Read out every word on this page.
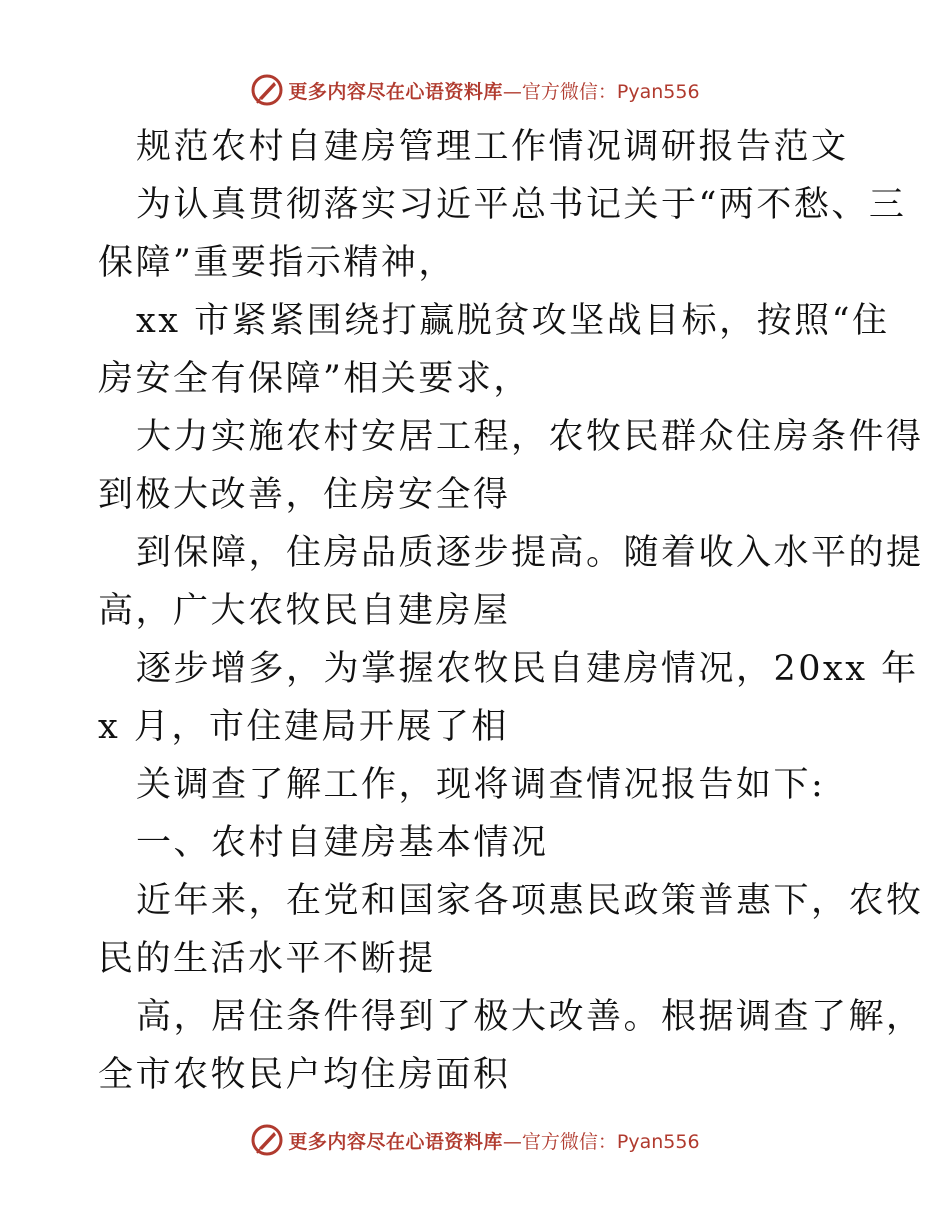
更多内容尽在心语资料库 —官方微信：Pyan556
规范农村自建房管理工作情况调研报告范文
为认真贯彻落实习近平总书记关于“两不愁、三
保障”重要指示精神，
xx 市紧紧围绕打赢脱贫攻坚战目标，按照“住
房安全有保障”相关要求，
大力实施农村安居工程，农牧民群众住房条件得
到极大改善，住房安全得
到保障，住房品质逐步提高。随着收入水平的提
高，广大农牧民自建房屋
逐步增多，为掌握农牧民自建房情况，20xx 年
x 月，市住建局开展了相
关调查了解工作，现将调查情况报告如下:
一、农村自建房基本情况
近年来，在党和国家各项惠民政策普惠下，农牧
民的生活水平不断提
高，居住条件得到了极大改善。根据调查了解，
全市农牧民户均住房面积
更多内容尽在心语资料库 —官方微信：Pyan556
